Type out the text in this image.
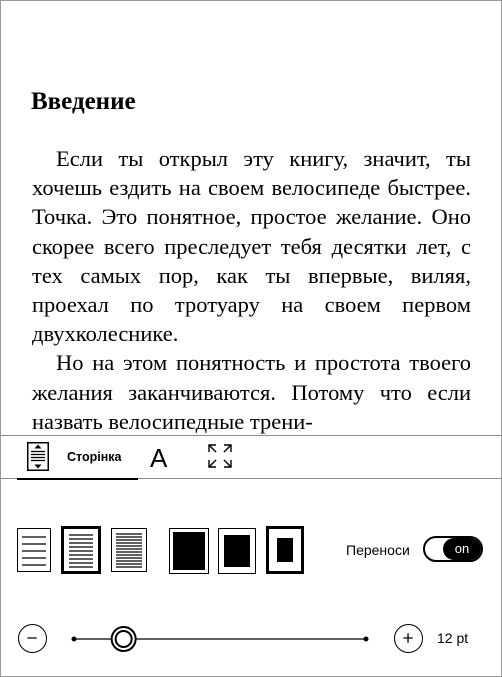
Введение

Если ты открыл эту книгу, значит, ты хочешь ездить на своем велосипеде быстрее. Точка. Это понятное, простое желание. Оно скорее всего преследует тебя десятки лет, с тех самых пор, как ты впервые, виляя, проехал по тротуару на своем первом двухколеснике.

Но на этом понятность и простота твоего желания заканчиваются. Потому что если назвать велосипедные трени-

Сторінка A
Переноси	on
12 pt
